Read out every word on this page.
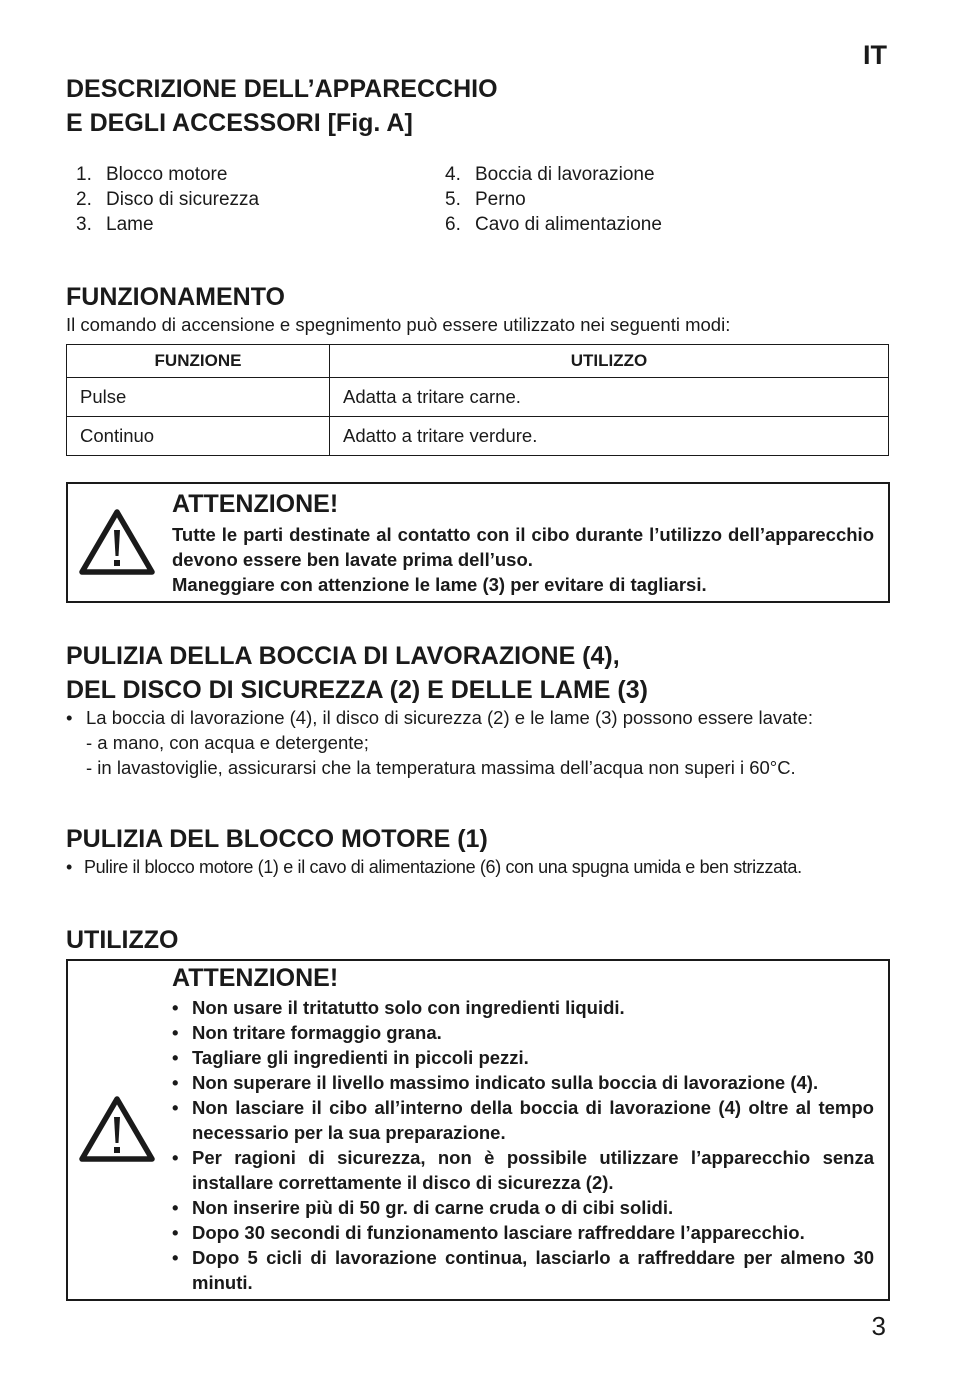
IT
DESCRIZIONE DELL’APPARECCHIO
E DEGLI ACCESSORI [Fig. A]
1. Blocco motore
2. Disco di sicurezza
3. Lame
4. Boccia di lavorazione
5. Perno
6. Cavo di alimentazione
FUNZIONAMENTO
Il comando di accensione e spegnimento può essere utilizzato nei seguenti modi:
FUNZIONE	UTILIZZO
Pulse	Adatta a tritare carne.
Continuo	Adatto a tritare verdure.
ATTENZIONE!
Tutte le parti destinate al contatto con il cibo durante l’utilizzo dell’apparecchio devono essere ben lavate prima dell’uso.
Maneggiare con attenzione le lame (3) per evitare di tagliarsi.
PULIZIA DELLA BOCCIA DI LAVORAZIONE (4),
DEL DISCO DI SICUREZZA (2) E DELLE LAME (3)
• La boccia di lavorazione (4), il disco di sicurezza (2) e le lame (3) possono essere lavate:
- a mano, con acqua e detergente;
- in lavastoviglie, assicurarsi che la temperatura massima dell’acqua non superi i 60°C.
PULIZIA DEL BLOCCO MOTORE (1)
• Pulire il blocco motore (1) e il cavo di alimentazione (6) con una spugna umida e ben strizzata.
UTILIZZO
ATTENZIONE!
• Non usare il tritatutto solo con ingredienti liquidi.
• Non tritare formaggio grana.
• Tagliare gli ingredienti in piccoli pezzi.
• Non superare il livello massimo indicato sulla boccia di lavorazione (4).
• Non lasciare il cibo all’interno della boccia di lavorazione (4) oltre al tempo necessario per la sua preparazione.
• Per ragioni di sicurezza, non è possibile utilizzare l’apparecchio senza installare correttamente il disco di sicurezza (2).
• Non inserire più di 50 gr. di carne cruda o di cibi solidi.
• Dopo 30 secondi di funzionamento lasciare raffreddare l’apparecchio.
• Dopo 5 cicli di lavorazione continua, lasciarlo a raffreddare per almeno 30 minuti.
3
